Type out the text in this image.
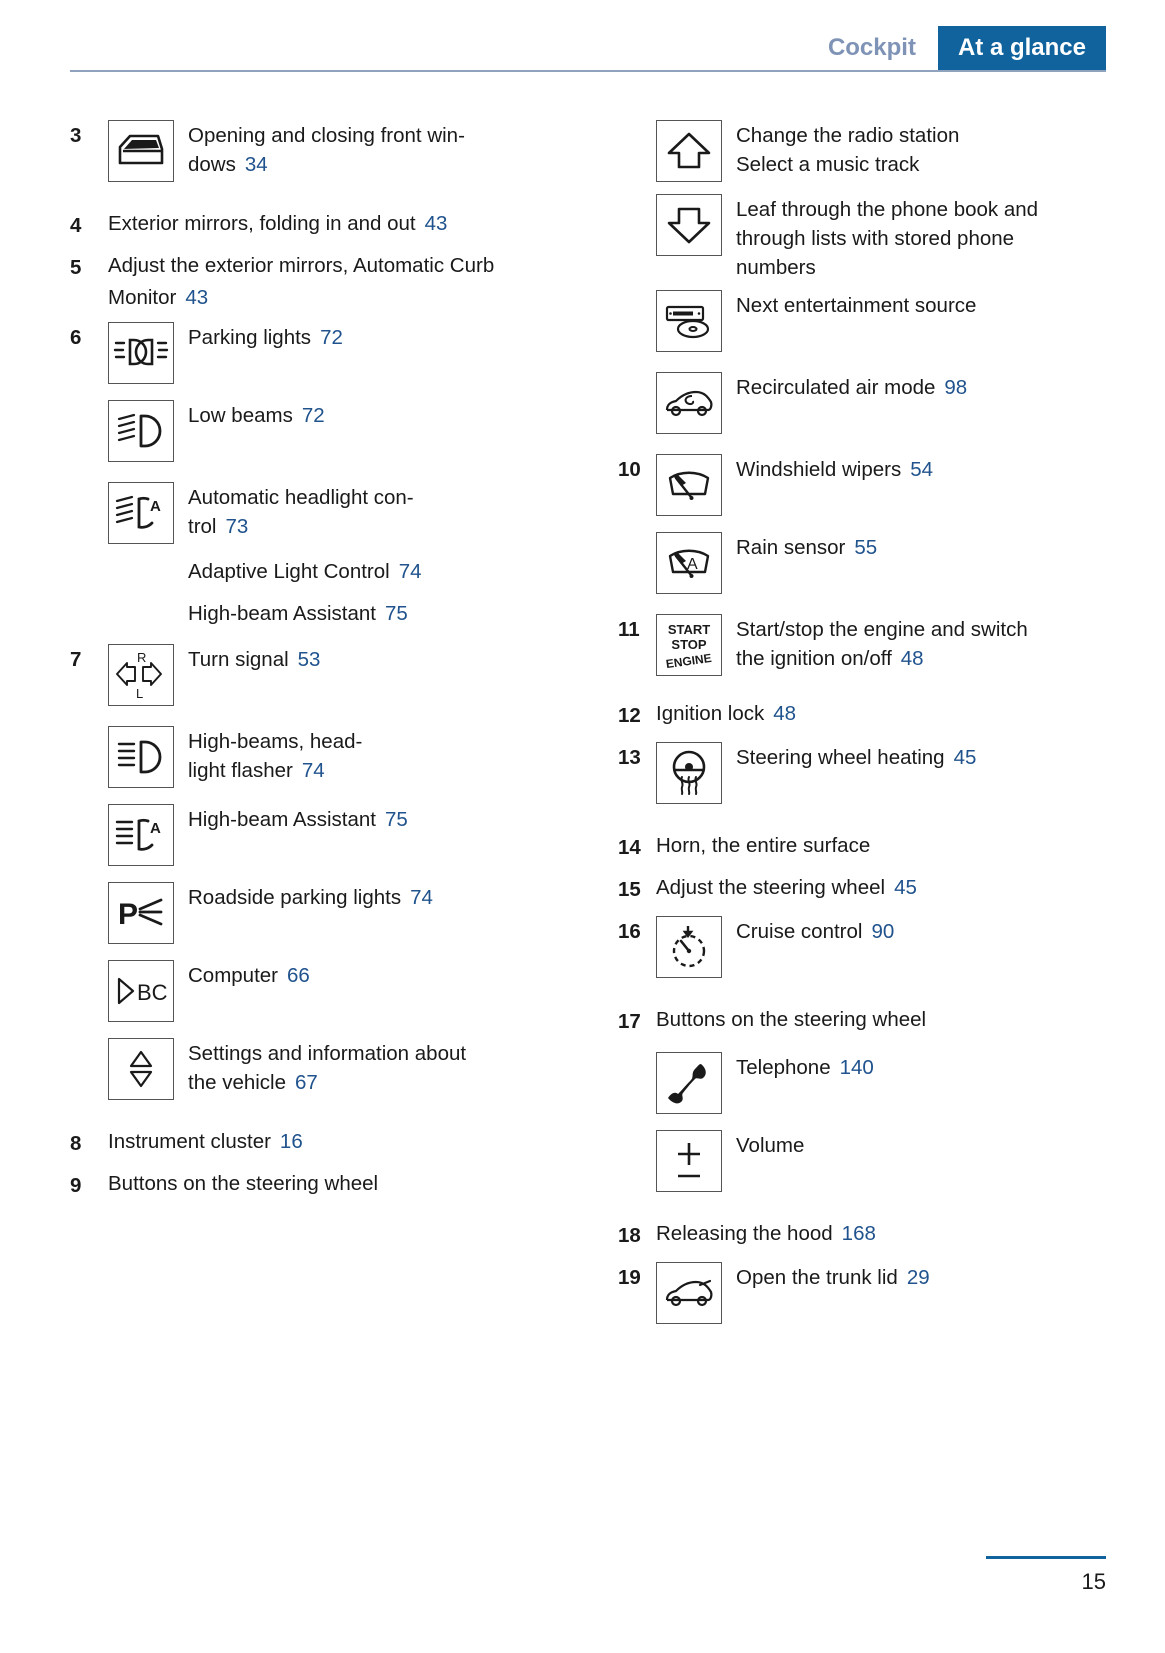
Cockpit	At a glance
3	Opening and closing front win-
dows 34
4	Exterior mirrors, folding in and out 43
5	Adjust the exterior mirrors, Automatic Curb
Monitor 43
6	Parking lights 72
Low beams 72
A Automatic headlight con-
trol 73
Adaptive Light Control 74
High-beam Assistant 75
7	R
L
Turn signal 53
High-beams, head-
light flasher 74
A High-beam Assistant 75
P
Roadside parking lights 74
BC
Computer 66
Settings and information about
the vehicle 67
8	Instrument cluster 16
9	Buttons on the steering wheel
Change the radio station
Select a music track
Leaf through the phone book and
through lists with stored phone
numbers
Next entertainment source
Recirculated air mode 98
10	Windshield wipers 54
A
Rain sensor 55
11	START
STOP
ENGINE
Start/stop the engine and switch
the ignition on/off 48
12 Ignition lock 48
13	Steering wheel heating 45
14 Horn, the entire surface
15 Adjust the steering wheel 45
16	Cruise control 90
17 Buttons on the steering wheel
Telephone 140
Volume
18 Releasing the hood 168
19	Open the trunk lid 29
15
